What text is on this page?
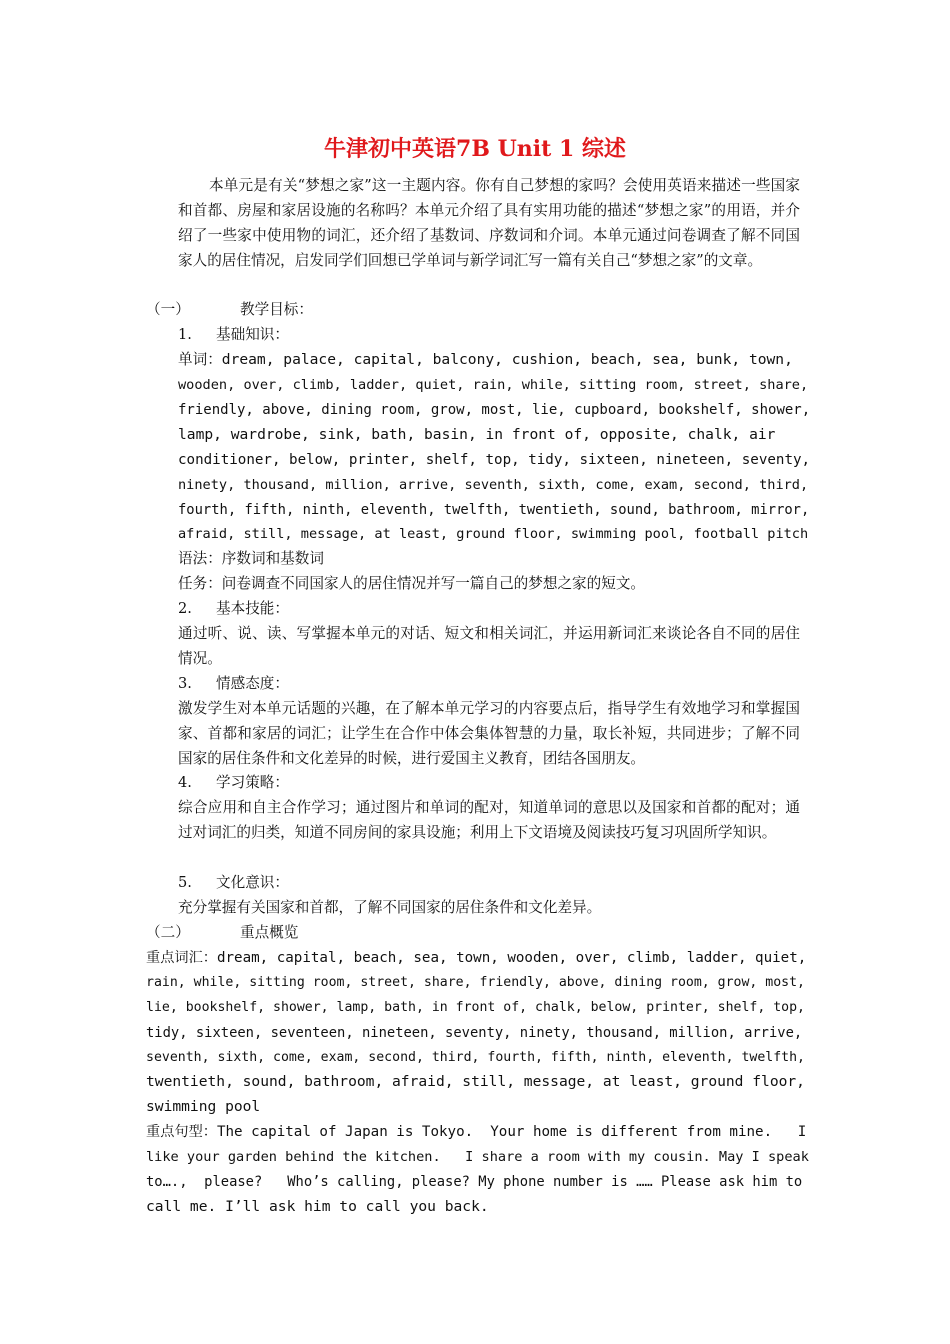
牛津初中英语7B Unit 1 综述

本单元是有关“梦想之家”这一主题内容。你有自己梦想的家吗？会使用英语来描述一些国家和首都、房屋和家居设施的名称吗？本单元介绍了具有实用功能的描述“梦想之家”的用语，并介绍了一些家中使用物的词汇，还介绍了基数词、序数词和介词。本单元通过问卷调查了解不同国家人的居住情况，启发同学们回想已学单词与新学词汇写一篇有关自己“梦想之家”的文章。

（一）	教学目标：

1. 基础知识：

单词：dream, palace, capital, balcony, cushion, beach, sea, bunk, town,

wooden, over, climb, ladder, quiet, rain, while, sitting room, street, share,

friendly, above, dining room, grow, most, lie, cupboard, bookshelf, shower,

lamp, wardrobe, sink, bath, basin, in front of, opposite, chalk, air

conditioner, below, printer, shelf, top, tidy, sixteen, nineteen, seventy,

ninety, thousand, million, arrive, seventh, sixth, come, exam, second, third,

fourth, fifth, ninth, eleventh, twelfth, twentieth, sound, bathroom, mirror,

afraid, still, message, at least, ground floor, swimming pool, football pitch

语法：序数词和基数词

任务：问卷调查不同国家人的居住情况并写一篇自己的梦想之家的短文。

2. 基本技能：

通过听、说、读、写掌握本单元的对话、短文和相关词汇，并运用新词汇来谈论各自不同的居住情况。

3. 情感态度：

激发学生对本单元话题的兴趣，在了解本单元学习的内容要点后，指导学生有效地学习和掌握国家、首都和家居的词汇；让学生在合作中体会集体智慧的力量，取长补短，共同进步；了解不同国家的居住条件和文化差异的时候，进行爱国主义教育，团结各国朋友。

4. 学习策略：

综合应用和自主合作学习；通过图片和单词的配对，知道单词的意思以及国家和首都的配对；通过对词汇的归类，知道不同房间的家具设施；利用上下文语境及阅读技巧复习巩固所学知识。

5. 文化意识：

充分掌握有关国家和首都，了解不同国家的居住条件和文化差异。

（二）	重点概览

重点词汇：dream, capital, beach, sea, town, wooden, over, climb, ladder, quiet,

rain, while, sitting room, street, share, friendly, above, dining room, grow, most,

lie, bookshelf, shower, lamp, bath, in front of, chalk, below, printer, shelf, top,

tidy, sixteen, seventeen, nineteen, seventy, ninety, thousand, million, arrive,

seventh, sixth, come, exam, second, third, fourth, fifth, ninth, eleventh, twelfth,

twentieth, sound, bathroom, afraid, still, message, at least, ground floor,

swimming pool

重点句型：The capital of Japan is Tokyo.  Your home is different from mine.   I

like your garden behind the kitchen.   I share a room with my cousin. May I speak

to….,  please?   Who’s calling, please? My phone number is …… Please ask him to

call me. I’ll ask him to call you back.
